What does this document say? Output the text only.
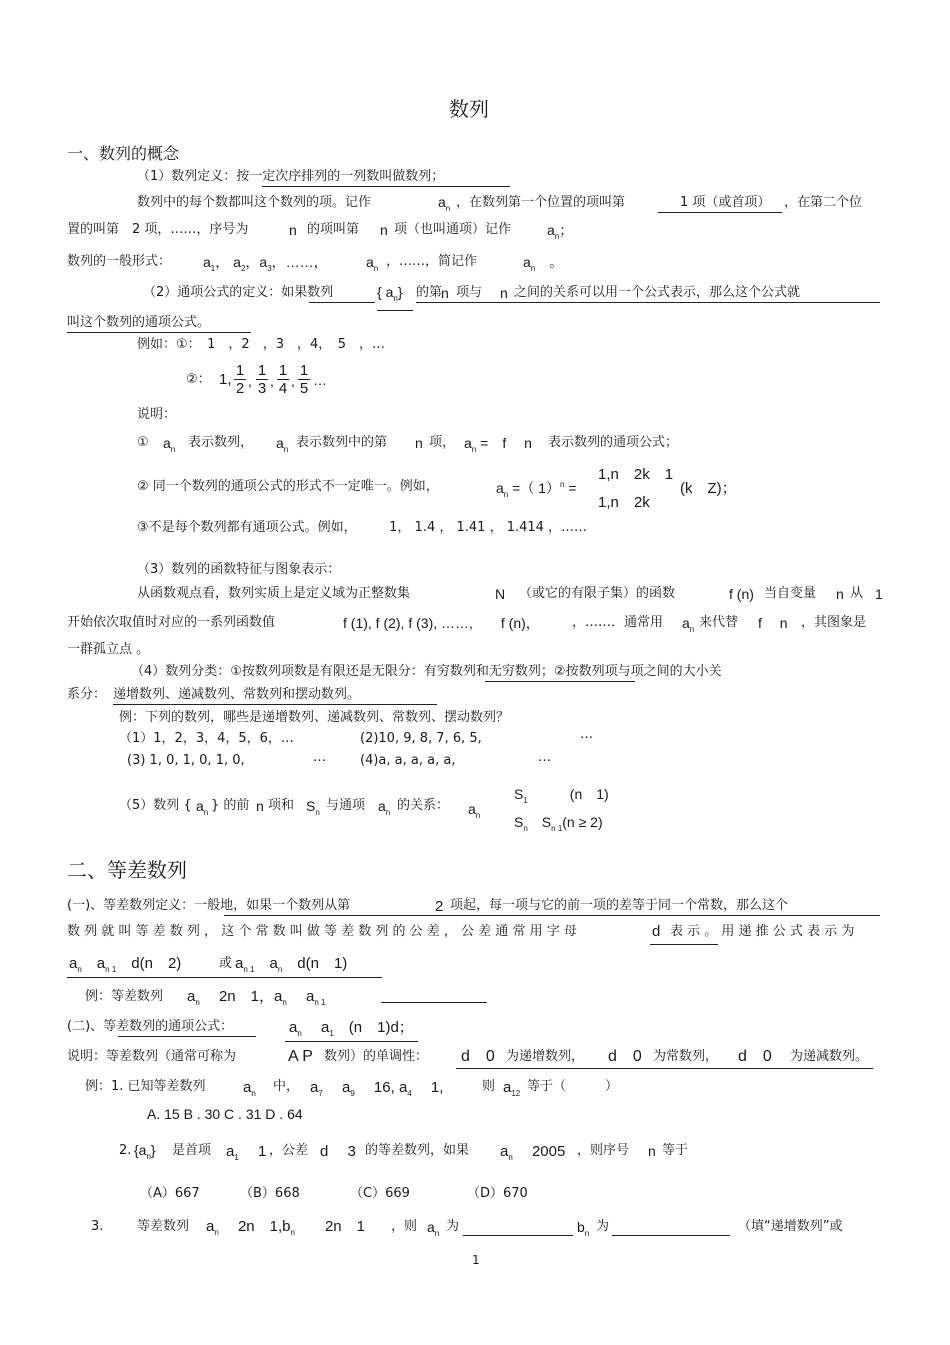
数列
一、数列的概念
（1）数列定义：按一定次序排列的一列数叫做数列；
数列中的每个数都叫这个数列的项。记作	$a_n$ ，在数列第一个位置的项叫第	1 项（或首项） ，在第二个位
置的叫第　2 项，……，序号为	n 的项叫第 n 项（也叫通项）记作	$a_n$；
数列的一般形式： $a_1$， $a_2$，$a_3$，……，	$a_n$ ，……，简记作	$a_n$　。
（2）通项公式的定义：如果数列	{ $a_n$} 的第
n 项与 n 之间的关系可以用一个公式表示，那么这个公式就
叫这个数列的通项公式。
例如：①：　1　，2　，3　，4，　5　，…
②： 1, $\frac{1}{2}$ , $\frac{1}{3}$ , $\frac{1}{4}$ , $\frac{1}{5}$ …
说明：
① $a_n$ 表示数列， $a_n$ 表示数列中的第 n 项， $a_n$ =　f　 n 表示数列的通项公式；
② 同一个数列的通项公式的形式不一定唯一。例如，	$a_n$ =（ 1）$^n$ =
1,n　2k　1
1,n　2k
(k　Z)；
③不是每个数列都有通项公式。例如，　　　1， 1.4 ， 1.41 ， 1.414 ，……
（3）数列的函数特征与图象表示：
从函数观点看，数列实质上是定义域为正整数集	N （或它的有限子集）的函数	f (n) 当自变量 n 从 1
开始依次取值时对应的一系列函数值	f (1), f (2), f (3), ……,　　f (n)， ，……．通常用 $a_n$ 来代替 f　 n ，其图象是
一群孤立点 。
（4）数列分类：①按数列项数是有限还是无限分：有穷数列和无穷数列；②按数列项与项之间的大小关
系分： 递增数列、递减数列、常数列和摆动数列。
例：下列的数列，哪些是递增数列、递减数列、常数列、摆动数列？
（1）1，2，3，4，5，6，…	(2)10, 9, 8, 7, 6, 5,	…
(3) 1, 0, 1, 0, 1, 0,	…	(4)a, a, a, a, a,	…
（5）数列 { $a_n$ } 的前 n 项和 $S_n$ 与通项 $a_n$ 的关系： $a_n$
$S_1$　　　(n　1)
$S_n$　$S_{n 1}(n \ge 2)$
二、等差数列
(一)、等差数列定义：一般地，如果一个数列从第	2 项起，每一项与它的前一项的差等于同一个常数，那么这个
数 列 就 叫 等 差 数 列 ， 这 个 常 数 叫 做 等 差 数 列 的 公 差 ， 公 差 通 常 用 字 母	d 表 示 。 用 递 推 公 式 表 示 为
$a_n$　$a_{n 1}$　d(n　2)	或 $a_{n 1}$　$a_n$　d(n　1)
例：等差数列 $a_n$　 2n　1，$a_n$　 $a_{n 1}$
(二)、等差数列的通项公式：	$a_n$　 $a_1$　(n　1)d；
说明：等差数列（通常可称为	A P 数列）的单调性： d　0 为递增数列， d　0 为常数列， d　0 为递减数列。
例：1. 已知等差数列 $a_n$ 中， $a_7$　 $a_9$　 16, $a_4$　 1,	则 $a_{12}$ 等于（　　　）
A. 15 B . 30 C . 31 D . 64
2. $\{a_n\}$ 是首项 $a_1$　 1 ，公差 d　 3 的等差数列，如果 $a_n$　 2005 ，则序号 n 等于
（A）667	（B）668	（C）669	（D）670
3.	等差数列 $a_n$　 2n　$1,b_n$　　2n　1 ，则 $a_n$ 为	$b_n$ 为	（填“递增数列”或
1
